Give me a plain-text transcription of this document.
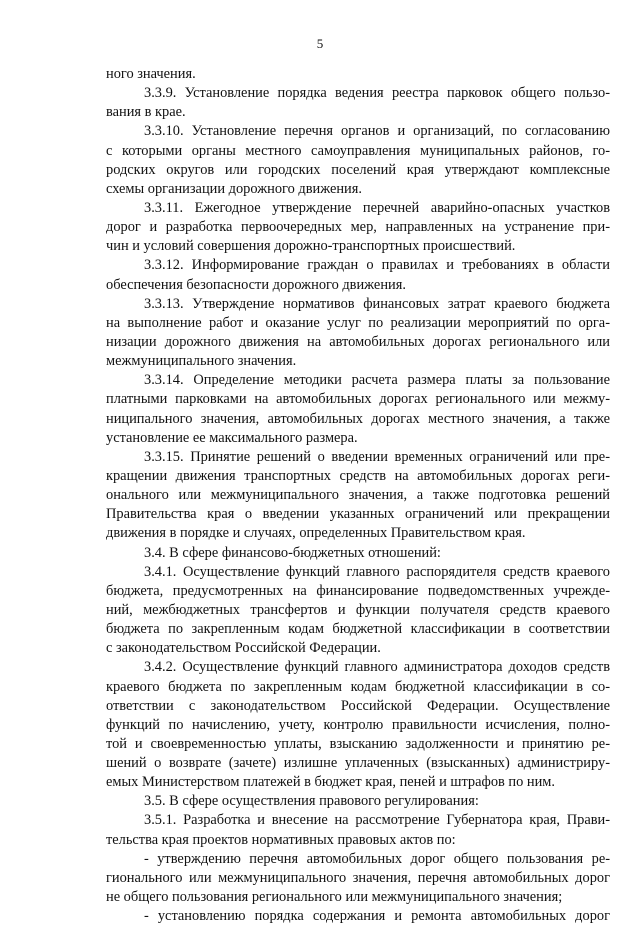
5
ного значения.
3.3.9. Установление порядка ведения реестра парковок общего пользо-
вания в крае.
3.3.10. Установление перечня органов и организаций, по согласованию
с которыми органы местного самоуправления муниципальных районов, го-
родских округов или городских поселений края утверждают комплексные
схемы организации дорожного движения.
3.3.11. Ежегодное утверждение перечней аварийно-опасных участков
дорог и разработка первоочередных мер, направленных на устранение при-
чин и условий совершения дорожно-транспортных происшествий.
3.3.12. Информирование граждан о правилах и требованиях в области
обеспечения безопасности дорожного движения.
3.3.13. Утверждение нормативов финансовых затрат краевого бюджета
на выполнение работ и оказание услуг по реализации мероприятий по орга-
низации дорожного движения на автомобильных дорогах регионального или
межмуниципального значения.
3.3.14. Определение методики расчета размера платы за пользование
платными парковками на автомобильных дорогах регионального или межму-
ниципального значения, автомобильных дорогах местного значения, а также
установление ее максимального размера.
3.3.15. Принятие решений о введении временных ограничений или пре-
кращении движения транспортных средств на автомобильных дорогах реги-
онального или межмуниципального значения, а также подготовка решений
Правительства края о введении указанных ограничений или прекращении
движения в порядке и случаях, определенных Правительством края.
3.4. В сфере финансово-бюджетных отношений:
3.4.1. Осуществление функций главного распорядителя средств краевого
бюджета, предусмотренных на финансирование подведомственных учрежде-
ний, межбюджетных трансфертов и функции получателя средств краевого
бюджета по закрепленным кодам бюджетной классификации в соответствии
с законодательством Российской Федерации.
3.4.2. Осуществление функций главного администратора доходов средств
краевого бюджета по закрепленным кодам бюджетной классификации в со-
ответствии с законодательством Российской Федерации. Осуществление
функций по начислению, учету, контролю правильности исчисления, полно-
той и своевременностью уплаты, взысканию задолженности и принятию ре-
шений о возврате (зачете) излишне уплаченных (взысканных) администриру-
емых Министерством платежей в бюджет края, пеней и штрафов по ним.
3.5. В сфере осуществления правового регулирования:
3.5.1. Разработка и внесение на рассмотрение Губернатора края, Прави-
тельства края проектов нормативных правовых актов по:
- утверждению перечня автомобильных дорог общего пользования ре-
гионального или межмуниципального значения, перечня автомобильных дорог
не общего пользования регионального или межмуниципального значения;
- установлению порядка содержания и ремонта автомобильных дорог
